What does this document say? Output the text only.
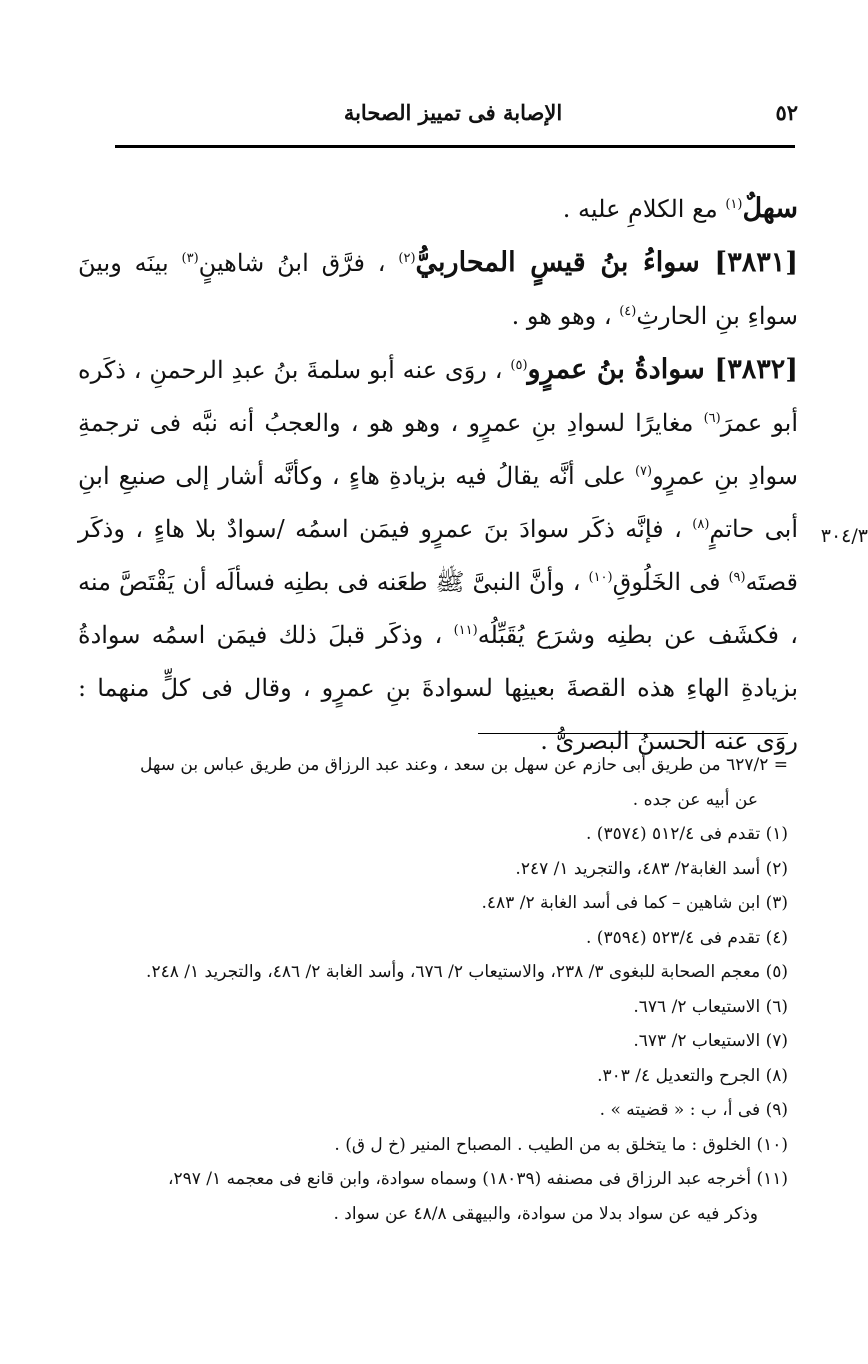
الإصابة فى تمييز الصحابة	٥٢
٣٠٤/٣

سهلٌ$^{(١)}$ مع الكلامِ عليه .

[٣٨٣١] سواءُ بنُ قيسٍ المحاربيُّ$^{(٢)}$ ، فرَّق ابنُ شاهينٍ$^{(٣)}$ بينَه وبينَ سواءِ بنِ الحارثِ$^{(٤)}$ ، وهو هو .

[٣٨٣٢] سوادةُ بنُ عمرٍو$^{(٥)}$ ، روَى عنه أبو سلمةَ بنُ عبدِ الرحمنِ ، ذكَره أبو عمرَ$^{(٦)}$ مغايرًا لسوادِ بنِ عمرٍو ، وهو هو ، والعجبُ أنه نبَّه فى ترجمةِ سوادِ بنِ عمرٍو$^{(٧)}$ على أنَّه يقالُ فيه بزيادةِ هاءٍ ، وكأنَّه أشار إلى صنيعِ ابنِ أبى حاتمٍ$^{(٨)}$ ، فإنَّه ذكَر سوادَ بنَ عمرٍو فيمَن اسمُه /سوادٌ بلا هاءٍ ، وذكَر قصتَه$^{(٩)}$ فى الخَلُوقِ$^{(١٠)}$ ، وأنَّ النبىَّ ﷺ طعَنه فى بطنِه فسألَه أن يَقْتَصَّ منه ، فكشَف عن بطنِه وشرَع يُقَبِّلُه$^{(١١)}$ ، وذكَر قبلَ ذلك فيمَن اسمُه سوادةُ بزيادةِ الهاءِ هذه القصةَ بعينِها لسوادةَ بنِ عمرٍو ، وقال فى كلٍّ منهما : روَى عنه الحسنُ البصرىُّ .

= ٦٢٧/٢ من طريق أبى حازم عن سهل بن سعد ، وعند عبد الرزاق من طريق عباس بن سهل

عن أبيه عن جده .

(١) تقدم فى ٥١٢/٤ (٣٥٧٤) .

(٢) أسد الغابة٢/ ٤٨٣، والتجريد ١/ ٢٤٧.

(٣) ابن شاهين – كما فى أسد الغابة ٢/ ٤٨٣.

(٤) تقدم فى ٥٢٣/٤ (٣٥٩٤) .

(٥) معجم الصحابة للبغوى ٣/ ٢٣٨، والاستيعاب ٢/ ٦٧٦، وأسد الغابة ٢/ ٤٨٦، والتجريد ١/ ٢٤٨.

(٦) الاستيعاب ٢/ ٦٧٦.

(٧) الاستيعاب ٢/ ٦٧٣.

(٨) الجرح والتعديل ٤/ ٣٠٣.

(٩) فى أ، ب : « قضيته » .

(١٠) الخلوق : ما يتخلق به من الطيب . المصباح المنير (خ ل ق) .

(١١) أخرجه عبد الرزاق فى مصنفه (١٨٠٣٩) وسماه سوادة، وابن قانع فى معجمه ١/ ٢٩٧،

وذكر فيه عن سواد بدلا من سوادة، والبيهقى ٤٨/٨ عن سواد .
